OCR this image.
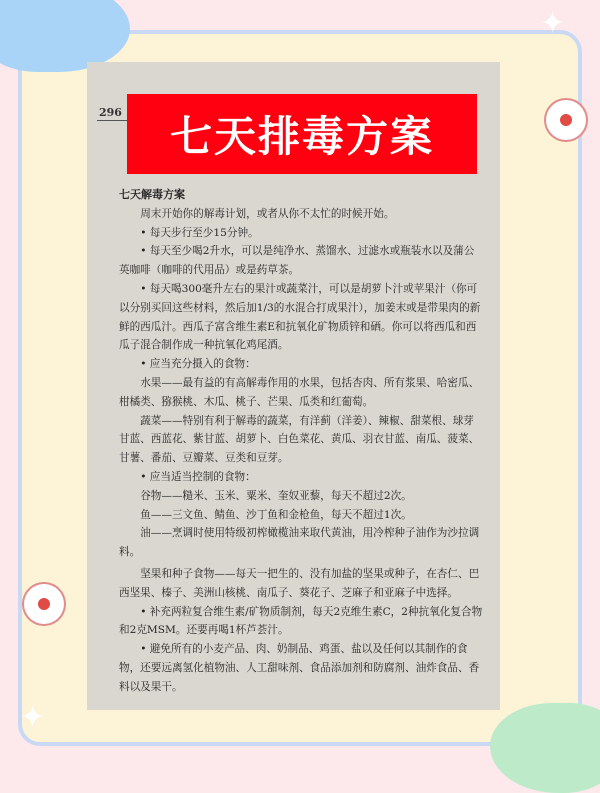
✦
✦
296

七天解毒方案

周末开始你的解毒计划，或者从你不太忙的时候开始。

• 每天步行至少15分钟。

• 每天至少喝2升水，可以是纯净水、蒸馏水、过滤水或瓶装水以及蒲公英咖啡（咖啡的代用品）或是药草茶。

• 每天喝300毫升左右的果汁或蔬菜汁，可以是胡萝卜汁或苹果汁（你可以分别买回这些材料，然后加1/3的水混合打成果汁），加姜末或是带果肉的新鲜的西瓜汁。西瓜子富含维生素E和抗氧化矿物质锌和硒。你可以将西瓜和西瓜子混合制作成一种抗氧化鸡尾酒。

• 应当充分摄入的食物：

水果——最有益的有高解毒作用的水果，包括杏肉、所有浆果、哈密瓜、柑橘类、猕猴桃、木瓜、桃子、芒果、瓜类和红葡萄。

蔬菜——特别有利于解毒的蔬菜，有洋蓟（洋姜）、辣椒、甜菜根、球芽甘蓝、西蓝花、紫甘蓝、胡萝卜、白色菜花、黄瓜、羽衣甘蓝、南瓜、菠菜、甘薯、番茄、豆瓣菜、豆类和豆芽。

• 应当适当控制的食物：

谷物——糙米、玉米、粟米、奎奴亚藜，每天不超过2次。

鱼——三文鱼、鲭鱼、沙丁鱼和金枪鱼，每天不超过1次。

油——烹调时使用特级初榨橄榄油来取代黄油，用冷榨种子油作为沙拉调料。

坚果和种子食物——每天一把生的、没有加盐的坚果或种子，在杏仁、巴西坚果、榛子、美洲山核桃、南瓜子、葵花子、芝麻子和亚麻子中选择。

• 补充两粒复合维生素/矿物质制剂，每天2克维生素C，2种抗氧化复合物和2克MSM。还要再喝1杯芦荟汁。

• 避免所有的小麦产品、肉、奶制品、鸡蛋、盐以及任何以其制作的食物，还要远离氢化植物油、人工甜味剂、食品添加剂和防腐剂、油炸食品、香料以及果干。

七天排毒方案
